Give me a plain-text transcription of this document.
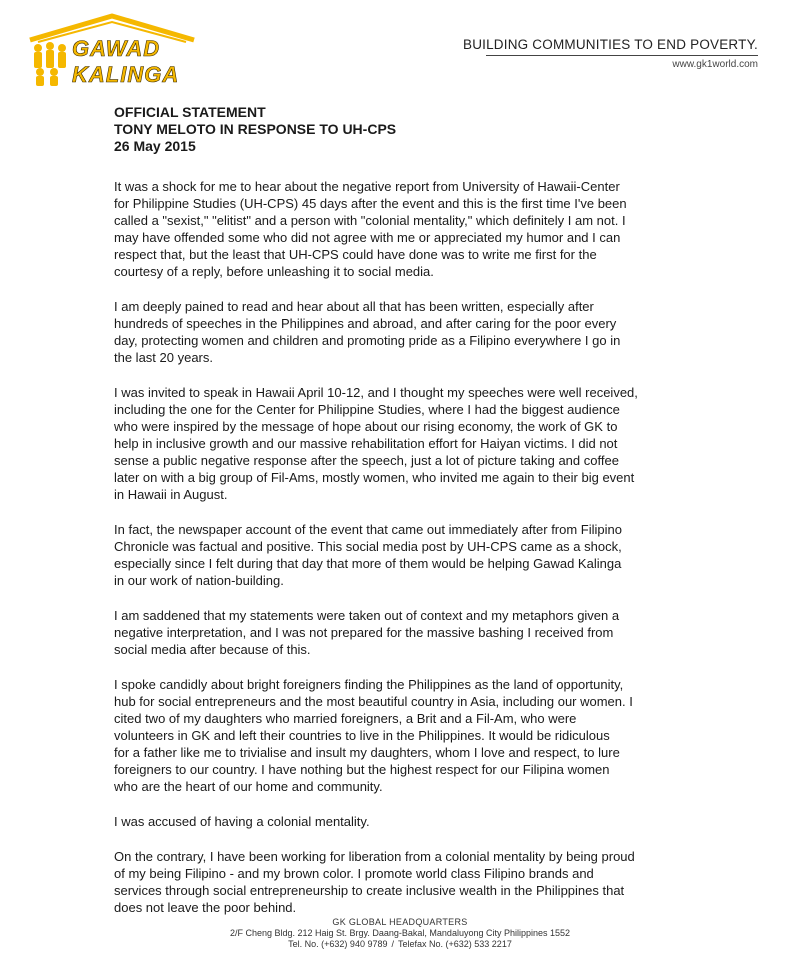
GAWAD
KALINGA
BUILDING COMMUNITIES TO END POVERTY.
www.gk1world.com
OFFICIAL STATEMENT
TONY MELOTO IN RESPONSE TO UH-CPS
26 May 2015

It was a shock for me to hear about the negative report from University of Hawaii-Center
for Philippine Studies (UH-CPS) 45 days after the event and this is the first time I've been
called a "sexist," "elitist" and a person with "colonial mentality," which definitely I am not. I
may have offended some who did not agree with me or appreciated my humor and I can
respect that, but the least that UH-CPS could have done was to write me first for the
courtesy of a reply, before unleashing it to social media.

I am deeply pained to read and hear about all that has been written, especially after
hundreds of speeches in the Philippines and abroad, and after caring for the poor every
day, protecting women and children and promoting pride as a Filipino everywhere I go in
the last 20 years.

I was invited to speak in Hawaii April 10-12, and I thought my speeches were well received,
including the one for the Center for Philippine Studies, where I had the biggest audience
who were inspired by the message of hope about our rising economy, the work of GK to
help in inclusive growth and our massive rehabilitation effort for Haiyan victims. I did not
sense a public negative response after the speech, just a lot of picture taking and coffee
later on with a big group of Fil-Ams, mostly women, who invited me again to their big event
in Hawaii in August.

In fact, the newspaper account of the event that came out immediately after from Filipino
Chronicle was factual and positive. This social media post by UH-CPS came as a shock,
especially since I felt during that day that more of them would be helping Gawad Kalinga
in our work of nation-building.

I am saddened that my statements were taken out of context and my metaphors given a
negative interpretation, and I was not prepared for the massive bashing I received from
social media after because of this.

I spoke candidly about bright foreigners finding the Philippines as the land of opportunity,
hub for social entrepreneurs and the most beautiful country in Asia, including our women. I
cited two of my daughters who married foreigners, a Brit and a Fil-Am, who were
volunteers in GK and left their countries to live in the Philippines. It would be ridiculous
for a father like me to trivialise and insult my daughters, whom I love and respect, to lure
foreigners to our country. I have nothing but the highest respect for our Filipina women
who are the heart of our home and community.

I was accused of having a colonial mentality.

On the contrary, I have been working for liberation from a colonial mentality by being proud
of my being Filipino - and my brown color. I promote world class Filipino brands and
services through social entrepreneurship to create inclusive wealth in the Philippines that
does not leave the poor behind.

GK GLOBAL HEADQUARTERS
2/F Cheng Bldg. 212 Haig St. Brgy. Daang-Bakal, Mandaluyong City Philippines 1552
Tel. No. (+632) 940 9789 / Telefax No. (+632) 533 2217
